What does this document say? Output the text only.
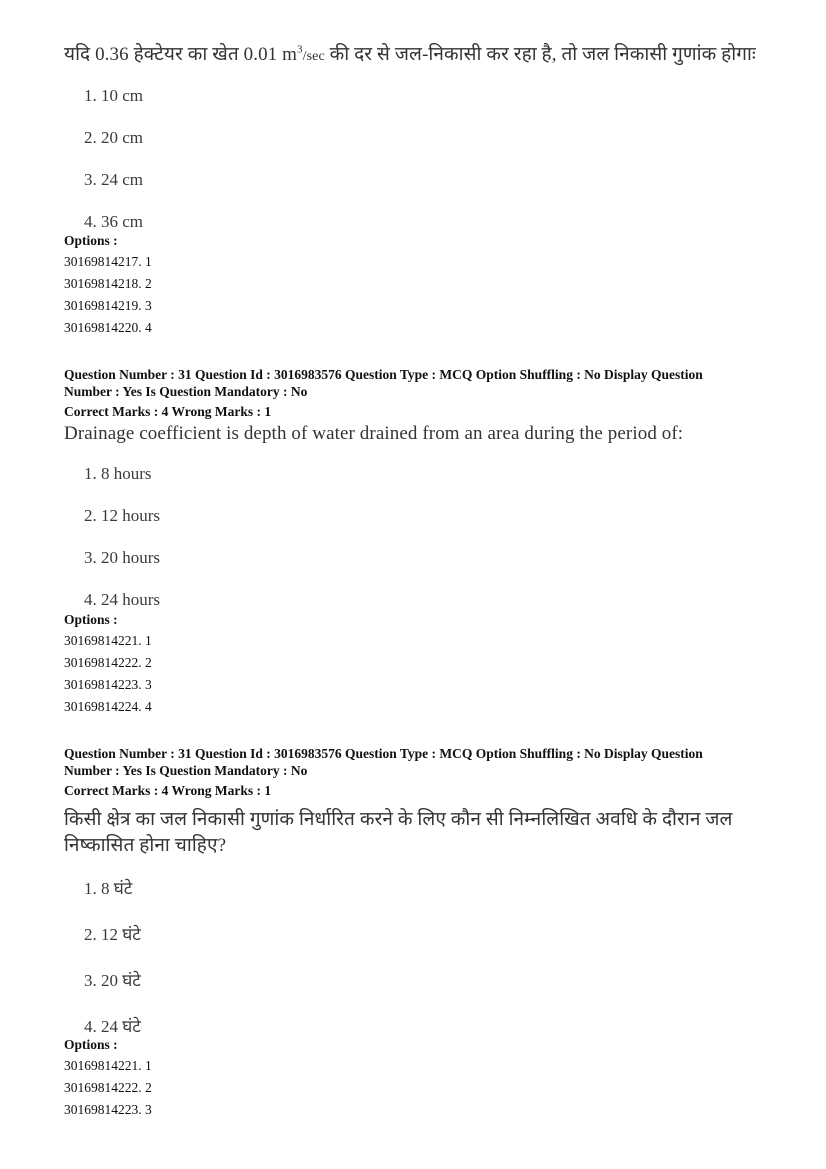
यदि 0.36 हेक्टेयर का खेत 0.01 $m^3/\sec$ की दर से जल-निकासी कर रहा है, तो जल निकासी गुणांक होगाः
1. 10 cm
2. 20 cm
3. 24 cm
4. 36 cm
Options :
30169814217. 1
30169814218. 2
30169814219. 3
30169814220. 4
Question Number : 31 Question Id : 3016983576 Question Type : MCQ Option Shuffling : No Display Question
Number : Yes Is Question Mandatory : No
Correct Marks : 4 Wrong Marks : 1
Drainage coefficient is depth of water drained from an area during the period of:
1. 8 hours
2. 12 hours
3. 20 hours
4. 24 hours
Options :
30169814221. 1
30169814222. 2
30169814223. 3
30169814224. 4
Question Number : 31 Question Id : 3016983576 Question Type : MCQ Option Shuffling : No Display Question
Number : Yes Is Question Mandatory : No
Correct Marks : 4 Wrong Marks : 1
किसी क्षेत्र का जल निकासी गुणांक निर्धारित करने के लिए कौन सी निम्नलिखित अवधि के दौरान जल
निष्कासित होना चाहिए?
1. 8 घंटे
2. 12 घंटे
3. 20 घंटे
4. 24 घंटे
Options :
30169814221. 1
30169814222. 2
30169814223. 3
